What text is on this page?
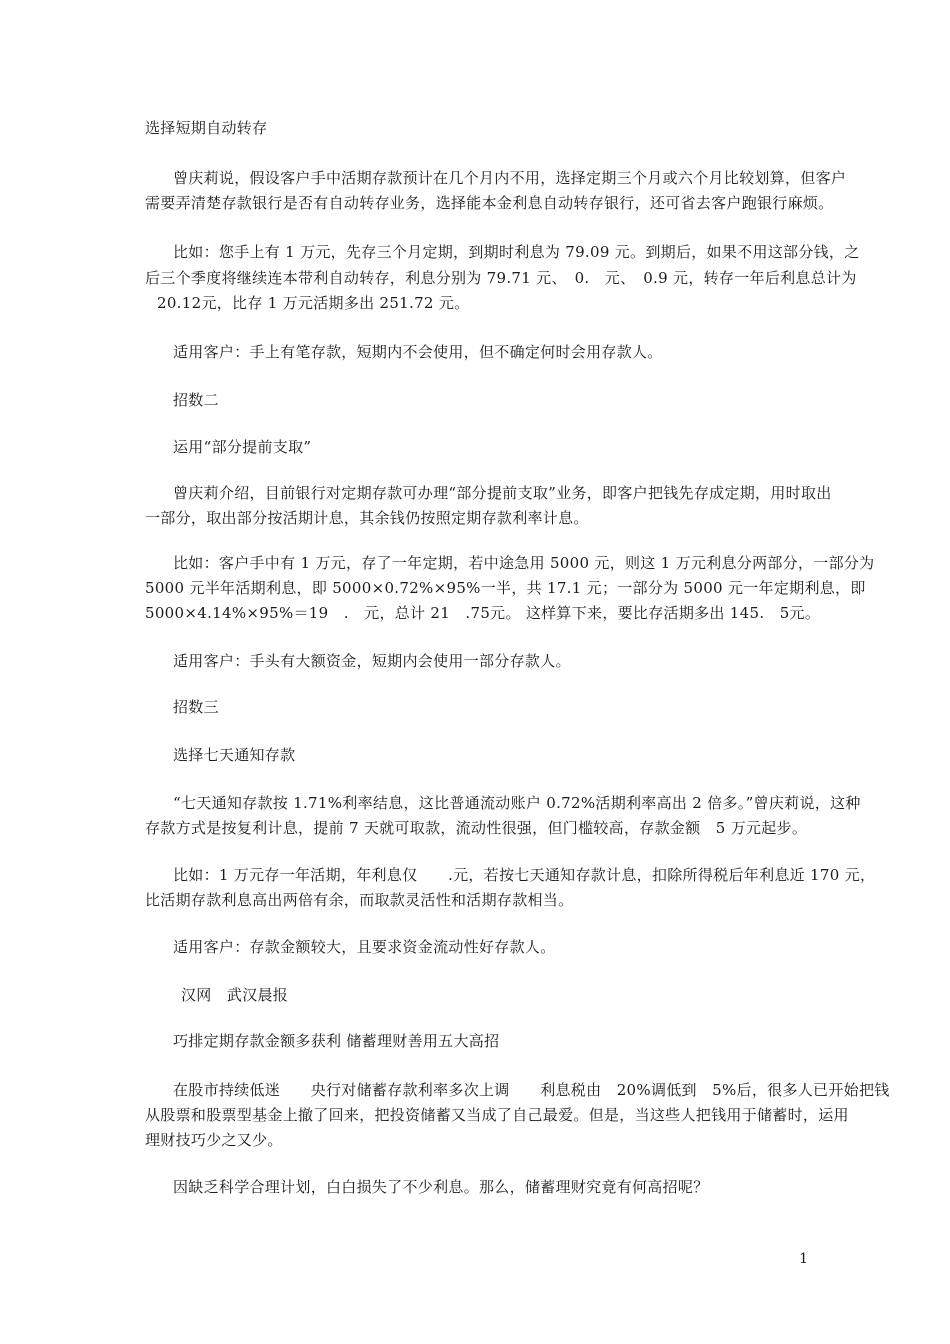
选择短期自动转存
曾庆莉说，假设客户手中活期存款预计在几个月内不用，选择定期三个月或六个月比较划算，但客户
需要弄清楚存款银行是否有自动转存业务，选择能本金利息自动转存银行，还可省去客户跑银行麻烦。
比如：您手上有 1 万元，先存三个月定期，到期时利息为 79.09 元。到期后，如果不用这部分钱，之
后三个季度将继续连本带利自动转存，利息分别为 79.71 元、　0.　元、　0.9 元，转存一年后利息总计为
20.12元，比存 1 万元活期多出 251.72 元。
适用客户：手上有笔存款，短期内不会使用，但不确定何时会用存款人。
招数二
运用“部分提前支取”
曾庆莉介绍，目前银行对定期存款可办理“部分提前支取”业务，即客户把钱先存成定期，用时取出
一部分，取出部分按活期计息，其余钱仍按照定期存款利率计息。
比如：客户手中有 1 万元，存了一年定期，若中途急用 5000 元，则这 1 万元利息分两部分，一部分为
5000 元半年活期利息，即 5000×0.72%×95%一半，共 17.1 元；一部分为 5000 元一年定期利息，即
5000×4.14%×95%＝19　.　元，总计 21　.75元。 这样算下来，要比存活期多出 145.　5元。
适用客户：手头有大额资金，短期内会使用一部分存款人。
招数三
选择七天通知存款
“七天通知存款按 1.71%利率结息，这比普通流动账户 0.72%活期利率高出 2 倍多。”曾庆莉说，这种
存款方式是按复利计息，提前 7 天就可取款，流动性很强，但门槛较高，存款金额　5 万元起步。
比如：1 万元存一年活期，年利息仅　　.元，若按七天通知存款计息，扣除所得税后年利息近 170 元，
比活期存款利息高出两倍有余，而取款灵活性和活期存款相当。
适用客户：存款金额较大，且要求资金流动性好存款人。
汉网　武汉晨报
巧排定期存款金额多获利 储蓄理财善用五大高招
在股市持续低迷　　央行对储蓄存款利率多次上调　　利息税由　20%调低到　5%后，很多人已开始把钱
从股票和股票型基金上撤了回来，把投资储蓄又当成了自己最爱。但是，当这些人把钱用于储蓄时，运用
理财技巧少之又少。
因缺乏科学合理计划，白白损失了不少利息。那么，储蓄理财究竟有何高招呢？
1
